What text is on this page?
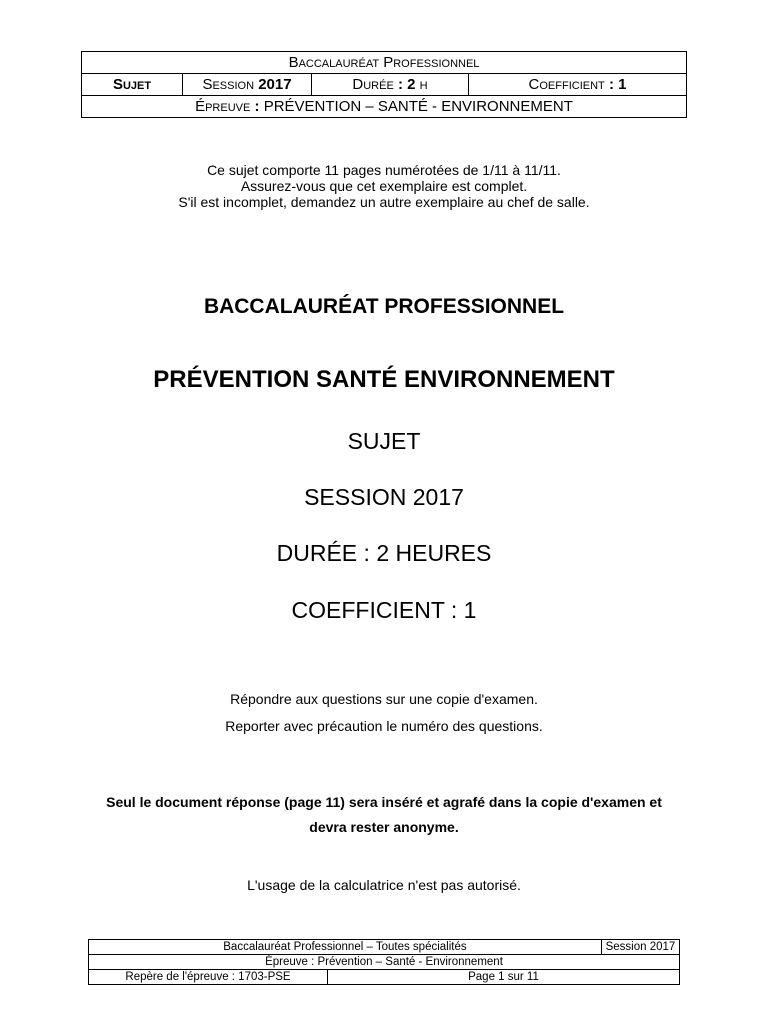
Baccalauréat Professionnel
Sujet	Session 2017	Durée : 2 h	Coefficient : 1
Épreuve : PRÉVENTION – SANTÉ - ENVIRONNEMENT
Ce sujet comporte 11 pages numérotées de 1/11 à 11/11.
Assurez-vous que cet exemplaire est complet.
S'il est incomplet, demandez un autre exemplaire au chef de salle.
BACCALAURÉAT PROFESSIONNEL
PRÉVENTION SANTÉ ENVIRONNEMENT
SUJET
SESSION 2017
DURÉE : 2 HEURES
COEFFICIENT : 1
Répondre aux questions sur une copie d'examen.
Reporter avec précaution le numéro des questions.
Seul le document réponse (page 11) sera inséré et agrafé dans la copie d'examen et
devra rester anonyme.
L'usage de la calculatrice n'est pas autorisé.
Baccalauréat Professionnel – Toutes spécialités		Session 2017
Épreuve : Prévention – Santé - Environnement		
Repère de l'épreuve : 1703-PSE	Page 1 sur 11	
